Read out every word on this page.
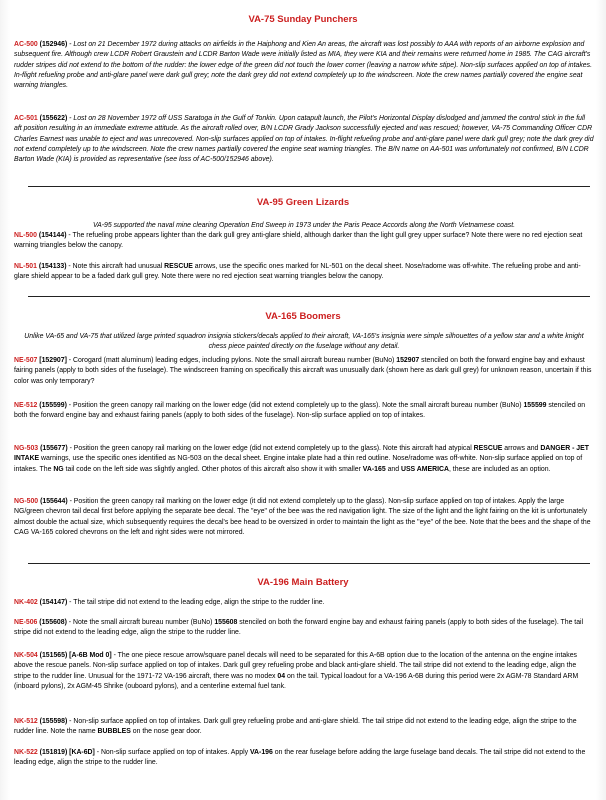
VA-75 Sunday Punchers

AC-500 (152946) - Lost on 21 December 1972 during attacks on airfields in the Haiphong and Kien An areas, the aircraft was lost possibly to AAA with reports of an airborne explosion and subsequent fire. Although crew LCDR Robert Graustein and LCDR Barton Wade were initially listed as MIA, they were KIA and their remains were returned home in 1985. The CAG aircraft's rudder stripes did not extend to the bottom of the rudder: the lower edge of the green did not touch the lower corner (leaving a narrow white stipe). Non-slip surfaces applied on top of intakes. In-flight refueling probe and anti-glare panel were dark gull grey; note the dark grey did not extend completely up to the windscreen. Note the crew names partially covered the engine seat warning triangles.

AC-501 (155622) - Lost on 28 November 1972 off USS Saratoga in the Gulf of Tonkin. Upon catapult launch, the Pilot's Horizontal Display dislodged and jammed the control stick in the full aft position resulting in an immediate extreme attitude. As the aircraft rolled over, B/N LCDR Grady Jackson successfully ejected and was rescued; however, VA-75 Commanding Officer CDR Charles Earnest was unable to eject and was unrecovered. Non-slip surfaces applied on top of intakes. In-flight refueling probe and anti-glare panel were dark gull grey; note the dark grey did not extend completely up to the windscreen. Note the crew names partially covered the engine seat warning triangles. The B/N name on AA-501 was unfortunately not confirmed, B/N LCDR Barton Wade (KIA) is provided as representative (see loss of AC-500/152946 above).

VA-95 Green Lizards

VA-95 supported the naval mine clearing Operation End Sweep in 1973 under the Paris Peace Accords along the North Vietnamese coast.

NL-500 (154144) - The refueling probe appears lighter than the dark gull grey anti-glare shield, although darker than the light gull grey upper surface? Note there were no red ejection seat warning triangles below the canopy.

NL-501 (154133) - Note this aircraft had unusual RESCUE arrows, use the specific ones marked for NL-501 on the decal sheet. Nose/radome was off-white. The refueling probe and anti-glare shield appear to be a faded dark gull grey. Note there were no red ejection seat warning triangles below the canopy.

VA-165 Boomers

Unlike VA-65 and VA-75 that utilized large printed squadron insignia stickers/decals applied to their aircraft, VA-165's insignia were simple silhouettes of a yellow star and a white knight chess piece painted directly on the fuselage without any detail.

NE-507 [152907] - Corogard (matt aluminum) leading edges, including pylons. Note the small aircraft bureau number (BuNo) 152907 stenciled on both the forward engine bay and exhaust fairing panels (apply to both sides of the fuselage). The windscreen framing on specifically this aircraft was unusually dark (shown here as dark gull grey) for unknown reason, uncertain if this color was only temporary?

NE-512 (155599) - Position the green canopy rail marking on the lower edge (did not extend completely up to the glass). Note the small aircraft bureau number (BuNo) 155599 stenciled on both the forward engine bay and exhaust fairing panels (apply to both sides of the fuselage). Non-slip surface applied on top of intakes.

NG-503 (155677) - Position the green canopy rail marking on the lower edge (did not extend completely up to the glass). Note this aircraft had atypical RESCUE arrows and DANGER - JET INTAKE warnings, use the specific ones identified as NG-503 on the decal sheet. Engine intake plate had a thin red outline. Nose/radome was off-white. Non-slip surface applied on top of intakes. The NG tail code on the left side was slightly angled. Other photos of this aircraft also show it with smaller VA-165 and USS AMERICA, these are included as an option.

NG-500 (155644) - Position the green canopy rail marking on the lower edge (it did not extend completely up to the glass). Non-slip surface applied on top of intakes. Apply the large NG/green chevron tail decal first before applying the separate bee decal. The "eye" of the bee was the red navigation light. The size of the light and the light fairing on the kit is unfortunately almost double the actual size, which subsequently requires the decal's bee head to be oversized in order to maintain the light as the "eye" of the bee. Note that the bees and the shape of the CAG VA-165 colored chevrons on the left and right sides were not mirrored.

VA-196 Main Battery

NK-402 (154147) - The tail stripe did not extend to the leading edge, align the stripe to the rudder line.

NE-506 (155608) - Note the small aircraft bureau number (BuNo) 155608 stenciled on both the forward engine bay and exhaust fairing panels (apply to both sides of the fuselage). The tail stripe did not extend to the leading edge, align the stripe to the rudder line.

NK-504 (151565) [A-6B Mod 0] - The one piece rescue arrow/square panel decals will need to be separated for this A-6B option due to the location of the antenna on the engine intakes above the rescue panels. Non-slip surface applied on top of intakes. Dark gull grey refueling probe and black anti-glare shield. The tail stripe did not extend to the leading edge, align the stripe to the rudder line. Unusual for the 1971-72 VA-196 aircraft, there was no modex 04 on the tail. Typical loadout for a VA-196 A-6B during this period were 2x AGM-78 Standard ARM (inboard pylons), 2x AGM-45 Shrike (ouboard pylons), and a centerline external fuel tank.

NK-512 (155598) - Non-slip surface applied on top of intakes. Dark gull grey refueling probe and anti-glare shield. The tail stripe did not extend to the leading edge, align the stripe to the rudder line. Note the name BUBBLES on the nose gear door.

NK-522 (151819) [KA-6D] - Non-slip surface applied on top of intakes. Apply VA-196 on the rear fuselage before adding the large fuselage band decals. The tail stripe did not extend to the leading edge, align the stripe to the rudder line.
